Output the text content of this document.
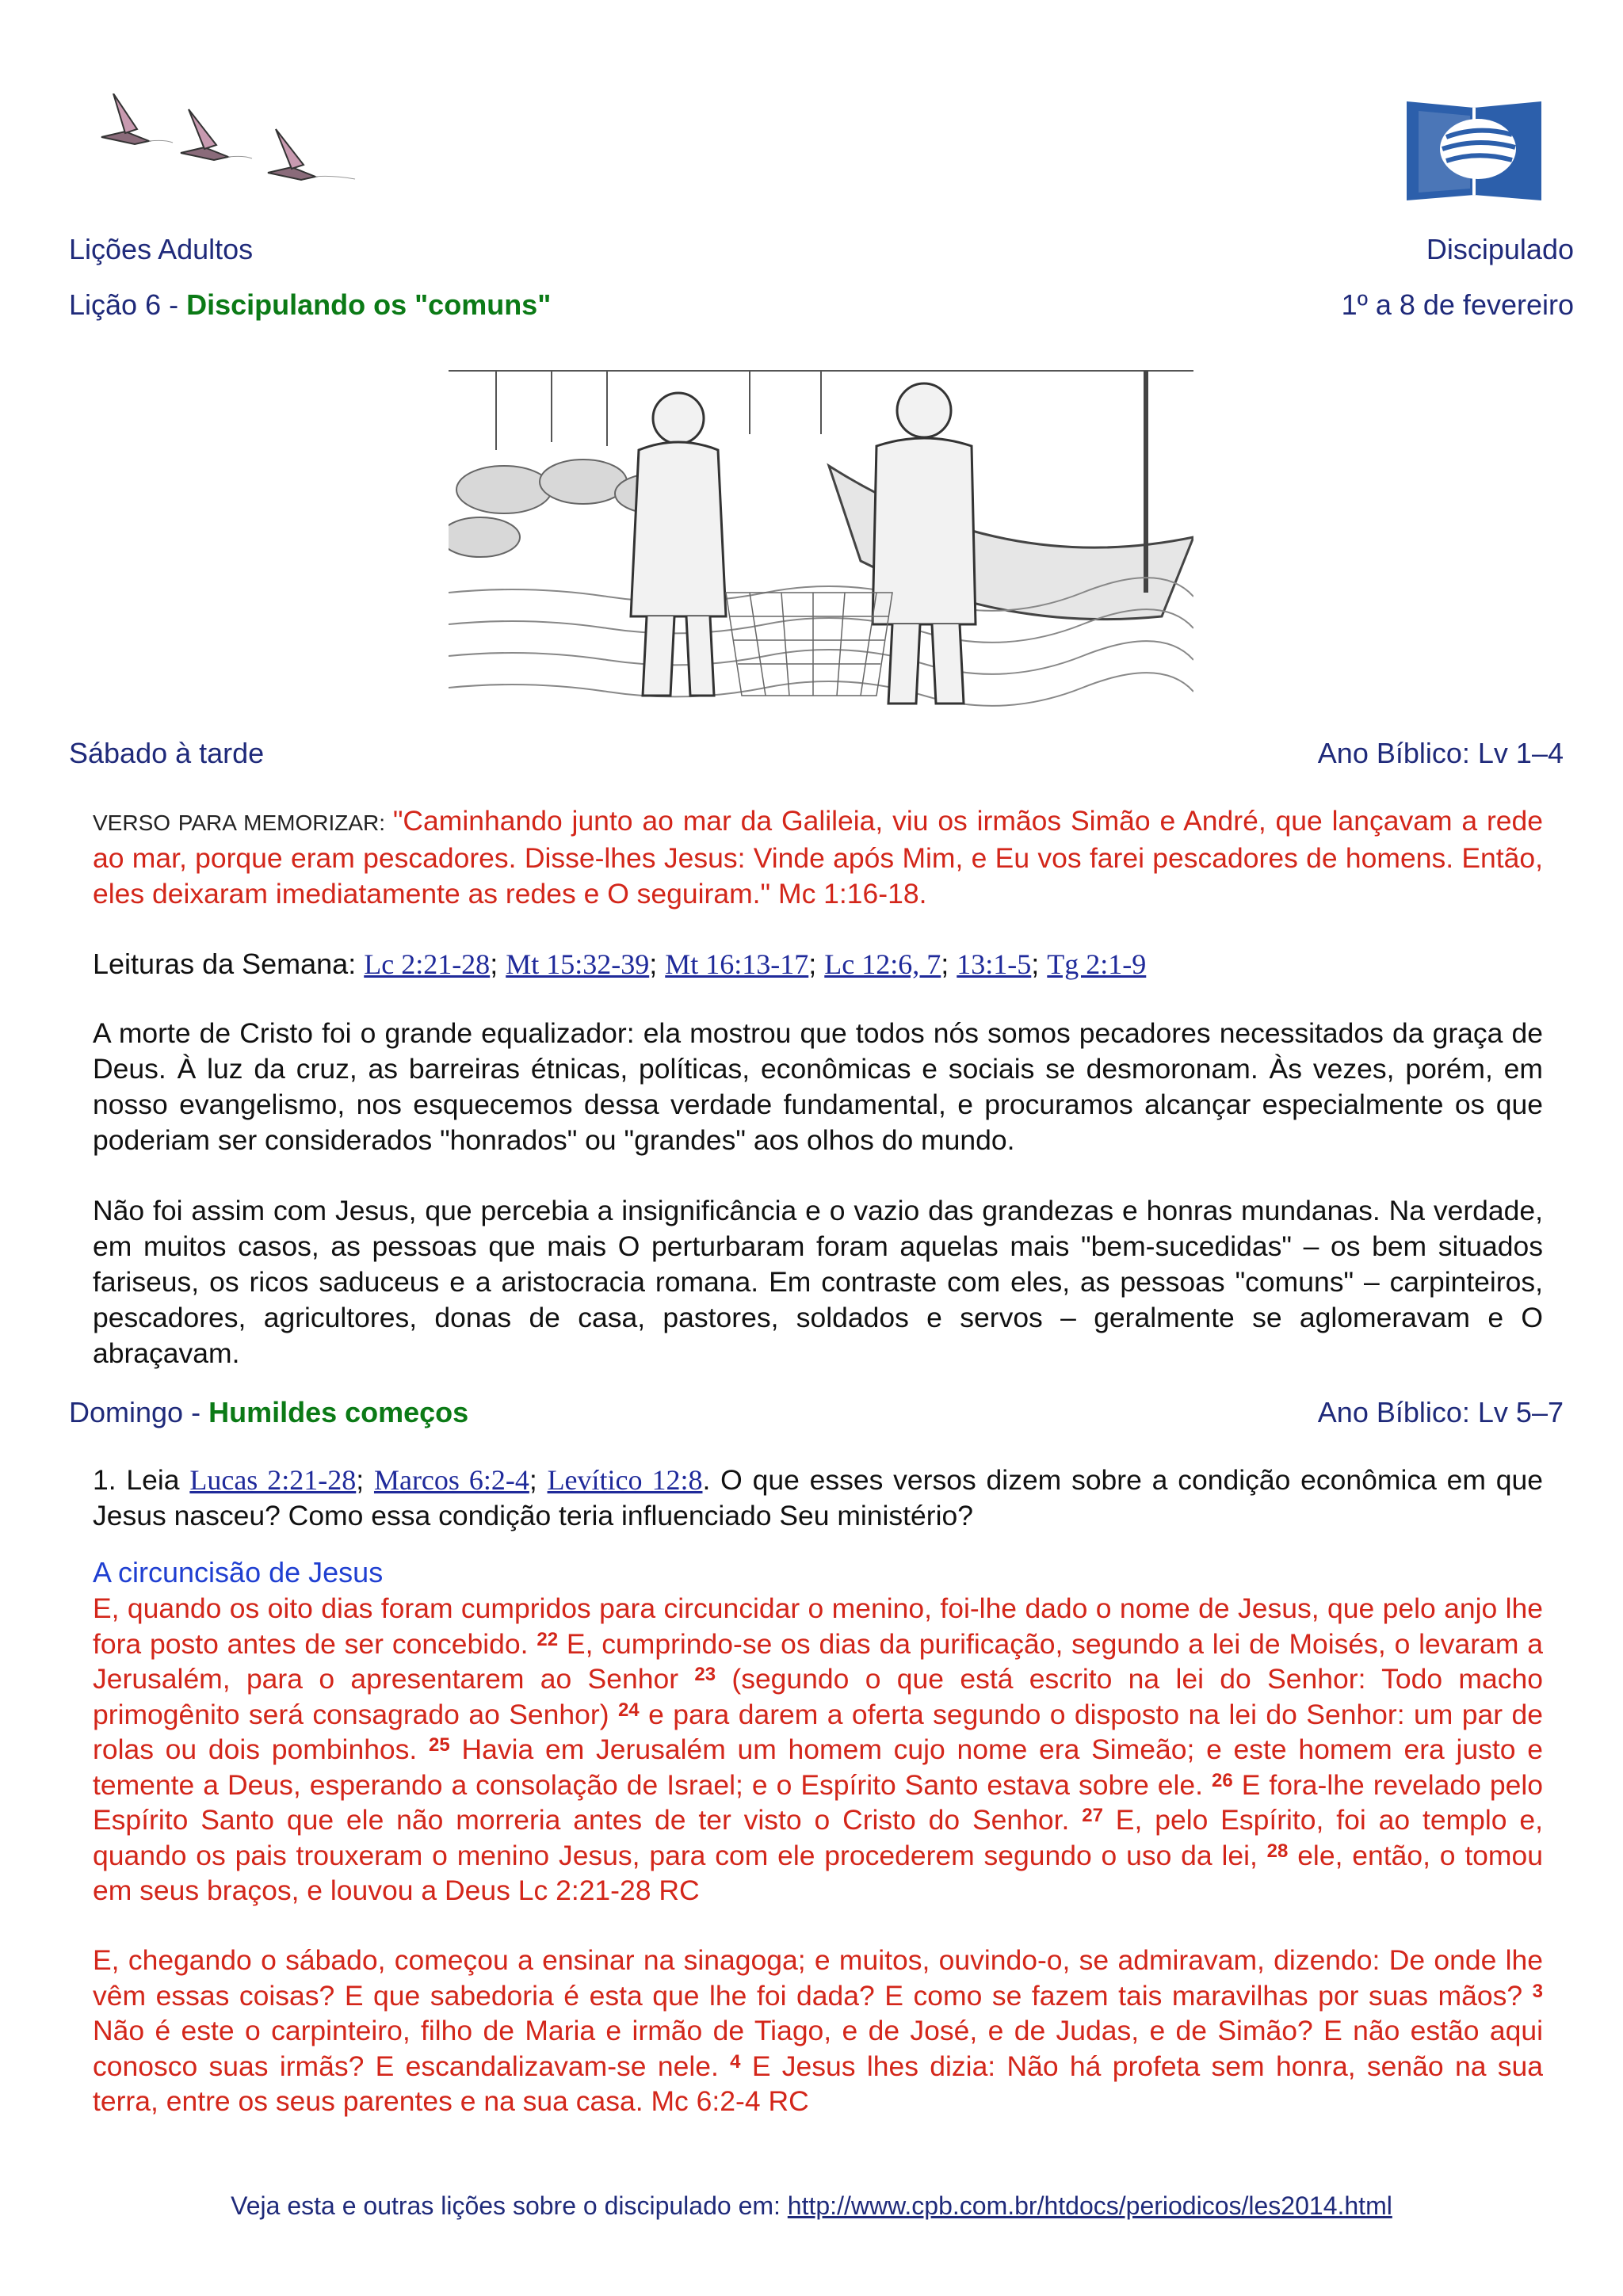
Lições Adultos	Discipulado
Lição 6 - Discipulando os "comuns"	1º a 8 de fevereiro
Sábado à tarde	Ano Bíblico: Lv 1–4
VERSO PARA MEMORIZAR: "Caminhando junto ao mar da Galileia, viu os irmãos Simão e André, que lançavam a rede ao mar, porque eram pescadores. Disse-lhes Jesus: Vinde após Mim, e Eu vos farei pescadores de homens. Então, eles deixaram imediatamente as redes e O seguiram." Mc 1:16-18.
Leituras da Semana: Lc 2:21-28; Mt 15:32-39; Mt 16:13-17; Lc 12:6, 7; 13:1-5; Tg 2:1-9
A morte de Cristo foi o grande equalizador: ela mostrou que todos nós somos pecadores necessitados da graça de Deus. À luz da cruz, as barreiras étnicas, políticas, econômicas e sociais se desmoronam. Às vezes, porém, em nosso evangelismo, nos esquecemos dessa verdade fundamental, e procuramos alcançar especialmente os que poderiam ser considerados "honrados" ou "grandes" aos olhos do mundo.
Não foi assim com Jesus, que percebia a insignificância e o vazio das grandezas e honras mundanas. Na verdade, em muitos casos, as pessoas que mais O perturbaram foram aquelas mais "bem-sucedidas" – os bem situados fariseus, os ricos saduceus e a aristocracia romana. Em contraste com eles, as pessoas "comuns" – carpinteiros, pescadores, agricultores, donas de casa, pastores, soldados e servos – geralmente se aglomeravam e O abraçavam.
Domingo - Humildes começos	Ano Bíblico: Lv 5–7
1. Leia Lucas 2:21-28; Marcos 6:2-4; Levítico 12:8. O que esses versos dizem sobre a condição econômica em que Jesus nasceu? Como essa condição teria influenciado Seu ministério?
A circuncisão de Jesus
E, quando os oito dias foram cumpridos para circuncidar o menino, foi-lhe dado o nome de Jesus, que pelo anjo lhe fora posto antes de ser concebido. $^{22}$ E, cumprindo-se os dias da purificação, segundo a lei de Moisés, o levaram a Jerusalém, para o apresentarem ao Senhor $^{23}$ (segundo o que está escrito na lei do Senhor: Todo macho primogênito será consagrado ao Senhor) $^{24}$ e para darem a oferta segundo o disposto na lei do Senhor: um par de rolas ou dois pombinhos. $^{25}$ Havia em Jerusalém um homem cujo nome era Simeão; e este homem era justo e temente a Deus, esperando a consolação de Israel; e o Espírito Santo estava sobre ele. $^{26}$ E fora-lhe revelado pelo Espírito Santo que ele não morreria antes de ter visto o Cristo do Senhor. $^{27}$ E, pelo Espírito, foi ao templo e, quando os pais trouxeram o menino Jesus, para com ele procederem segundo o uso da lei, $^{28}$ ele, então, o tomou em seus braços, e louvou a Deus Lc 2:21-28 RC
E, chegando o sábado, começou a ensinar na sinagoga; e muitos, ouvindo-o, se admiravam, dizendo: De onde lhe vêm essas coisas? E que sabedoria é esta que lhe foi dada? E como se fazem tais maravilhas por suas mãos? $^3$ Não é este o carpinteiro, filho de Maria e irmão de Tiago, e de José, e de Judas, e de Simão? E não estão aqui conosco suas irmãs? E escandalizavam-se nele. $^4$ E Jesus lhes dizia: Não há profeta sem honra, senão na sua terra, entre os seus parentes e na sua casa. Mc 6:2-4 RC
Veja esta e outras lições sobre o discipulado em: http://www.cpb.com.br/htdocs/periodicos/les2014.html
